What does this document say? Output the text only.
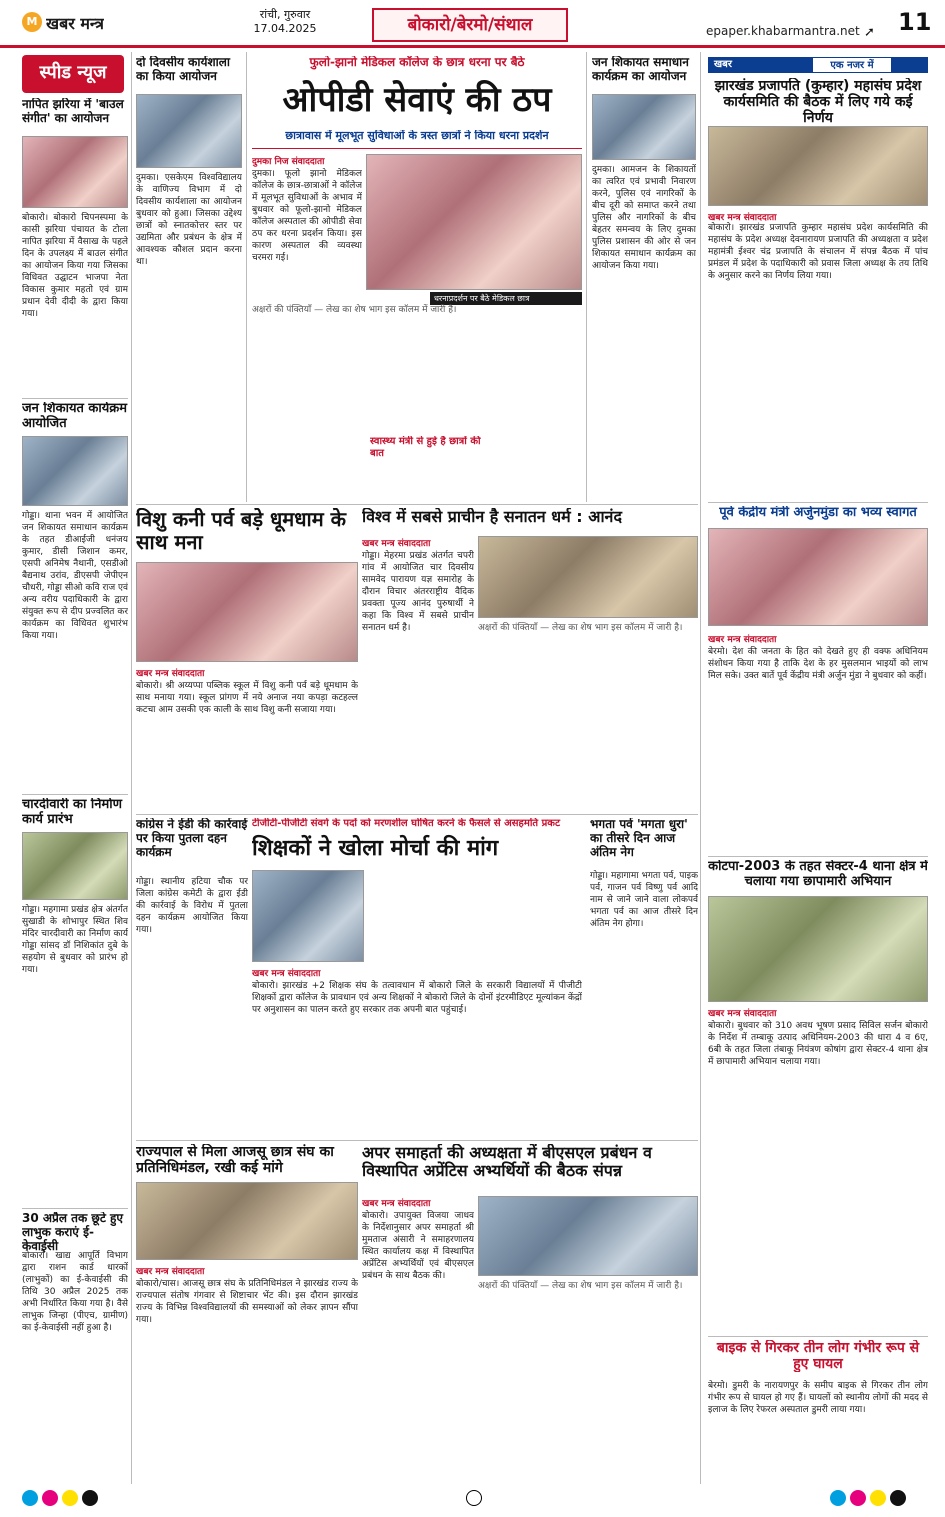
M खबर मन्त्र	रांची, गुरुवार
17.04.2025	बोकारो/बेरमो/संथाल	epaper.khabarmantra.net ➚ 11
स्पीड न्यूज
नापित झरिया में 'बाउल संगीत' का आयोजन
बोकारो। बोकारो चिपनस्पमा के कासी झरिया पंचायत के टोला नापित झरिया में वैसाख के पहले दिन के उपलक्ष्य में बाउल संगीत का आयोजन किया गया जिसका विधिवत उद्घाटन भाजपा नेता विकास कुमार महतो एवं ग्राम प्रधान देवी दीदी के द्वारा किया गया।
जन शिकायत कार्यक्रम आयोजित
गोड्डा। थाना भवन में आयोजित जन शिकायत समाधान कार्यक्रम के तहत डीआईजी धनंजय कुमार, डीसी जिशान कमर, एसपी अनिमेष नैथानी, एसडीओ बैद्यनाथ उरांव, डीएसपी जेपीएन चौधरी, गोड्डा सीओ कवि राज एवं अन्य वरीय पदाधिकारी के द्वारा संयुक्त रूप से दीप प्रज्वलित कर कार्यक्रम का विधिवत शुभारंभ किया गया।
चारदीवारी का निर्माण कार्य प्रारंभ
गोड्डा। महगामा प्रखंड क्षेत्र अंतर्गत सुखाडी के शोभापुर स्थित शिव मंदिर चारदीवारी का निर्माण कार्य गोड्डा सांसद डॉ निशिकांत दुबे के सहयोग से बुधवार को प्रारंभ हो गया।
30 अप्रैल तक छूटे हुए लाभुक कराएं ई-केवाईसी
बोकारो। खाद्य आपूर्ति विभाग द्वारा राशन कार्ड धारकों (लाभुकों) का ई-केवाईसी की तिथि 30 अप्रैल 2025 तक अभी निर्धारित किया गया है। वैसे लाभुक जिन्हा (पीएच, ग्रामीण) का ई-केवाईसी नहीं हुआ है।
दो दिवसीय कार्यशाला का किया आयोजन
दुमका। एसकेएम विश्वविद्यालय के वाणिज्य विभाग में दो दिवसीय कार्यशाला का आयोजन बुधवार को हुआ। जिसका उद्देश्य छात्रों को स्नातकोत्तर स्तर पर उद्यमिता और प्रबंधन के क्षेत्र में आवश्यक कौशल प्रदान करना था।
फुलो-झानो मेडिकल कॉलेज के छात्र धरना पर बैठे
ओपीडी सेवाएं की ठप
छात्रावास में मूलभूत सुविधाओं के त्रस्त छात्रों ने किया धरना प्रदर्शन
दुमका निज संवाददाता
दुमका। फूलो झानो मेडिकल कॉलेज के छात्र-छात्राओं ने कॉलेज में मूलभूत सुविधाओं के अभाव में बुधवार को फूलो-झानो मेडिकल कॉलेज अस्पताल की ओपीडी सेवा ठप कर धरना प्रदर्शन किया। इस कारण अस्पताल की व्यवस्था चरमरा गई।
धरनाप्रदर्शन पर बैठे मेडिकल छात्र
अक्षरों की पंक्तियाँ — लेख का शेष भाग इस कॉलम में जारी है।
स्वास्थ्य मंत्री से हुई है छात्रों की बात
जन शिकायत समाधान कार्यक्रम का आयोजन
दुमका। आमजन के शिकायतों का त्वरित एवं प्रभावी निवारण करने, पुलिस एवं नागरिकों के बीच दूरी को समाप्त करने तथा पुलिस और नागरिकों के बीच बेहतर समन्वय के लिए दुमका पुलिस प्रशासन की ओर से जन शिकायत समाधान कार्यक्रम का आयोजन किया गया।
खबर	एक नजर में
झारखंड प्रजापति (कुम्हार) महासंघ प्रदेश कार्यसमिति की बैठक में लिए गये कई निर्णय
खबर मन्त्र संवाददाता
बोकारो। झारखंड प्रजापति कुम्हार महासंघ प्रदेश कार्यसमिति की महासंघ के प्रदेश अध्यक्ष देवनारायण प्रजापति की अध्यक्षता व प्रदेश महामंत्री ईश्वर चंद्र प्रजापति के संचालन में संपन्न बैठक में पांच प्रमंडल में प्रदेश के पदाधिकारी को प्रवास जिला अध्यक्ष के तय तिथि के अनुसार करने का निर्णय लिया गया।
पूर्व केंद्रीय मंत्री अर्जुनमुंडा का भव्य स्वागत
खबर मन्त्र संवाददाता
बेरमो। देश की जनता के हित को देखते हुए ही वक्फ अधिनियम संशोधन किया गया है ताकि देश के हर मुसलमान भाइयों को लाभ मिल सके। उक्त बातें पूर्व केंद्रीय मंत्री अर्जुन मुंडा ने बुधवार को कहीं।
कोटपा-2003 के तहत सेक्टर-4 थाना क्षेत्र में चलाया गया छापामारी अभियान
खबर मन्त्र संवाददाता
बोकारो। बुधवार को 310 अवध भूषण प्रसाद सिविल सर्जन बोकारो के निर्देश में तम्बाकू उत्पाद अधिनियम-2003 की धारा 4 व 6ए, 6बी के तहत जिला तंबाकू नियंत्रण कोषांग द्वारा सेक्टर-4 थाना क्षेत्र में छापामारी अभियान चलाया गया।
बाइक से गिरकर तीन लोग गंभीर रूप से हुए घायल
बेरमो। डुमरी के नारायणपुर के समीप बाइक से गिरकर तीन लोग गंभीर रूप से घायल हो गए हैं। घायलों को स्थानीय लोगों की मदद से इलाज के लिए रेफरल अस्पताल डुमरी लाया गया।
विशु कनी पर्व बड़े धूमधाम के साथ मना
खबर मन्त्र संवाददाता
बोकारो। श्री अय्यप्पा पब्लिक स्कूल में विशु कनी पर्व बड़े धूमधाम के साथ मनाया गया। स्कूल प्रांगण में नये अनाज नया कपड़ा कटहल्ल कटचा आम उसकी एक काली के साथ विशु कनी सजाया गया।
विश्व में सबसे प्राचीन है सनातन धर्म : आनंद
खबर मन्त्र संवाददाता
गोड्डा। मेहरमा प्रखंड अंतर्गत चपरी गांव में आयोजित चार दिवसीय सामवेद पारायण यज्ञ समारोह के दौरान विचार अंतरराष्ट्रीय वैदिक प्रवक्ता पूज्य आनंद पुरुषार्थी ने कहा कि विश्व में सबसे प्राचीन सनातन धर्म है।	अक्षरों की पंक्तियाँ — लेख का शेष भाग इस कॉलम में जारी है।
कांग्रेस ने ईडी की कार्रवाई पर किया पुतला दहन कार्यक्रम
गोड्डा। स्थानीय हटिया चौक पर जिला कांग्रेस कमेटी के द्वारा ईडी की कार्रवाई के विरोध में पुतला दहन कार्यक्रम आयोजित किया गया।
टीजीटी-पीजीटी संवर्ग के पदों को मरणशील घोषित करने के फैसले से असहमति प्रकट
शिक्षकों ने खोला मोर्चा की मांग
खबर मन्त्र संवाददाता
बोकारो। झारखंड +2 शिक्षक संघ के तत्वावधान में बोकारो जिले के सरकारी विद्यालयों में पीजीटी शिक्षकों द्वारा कॉलेज के प्रावधान एवं अन्य शिक्षकों ने बोकारो जिले के दोनों इंटरमीडिएट मूल्यांकन केंद्रों पर अनुशासन का पालन करते हुए सरकार तक अपनी बात पहुंचाई।
भगता पर्व 'मगता धुरा' का तीसरे दिन आज अंतिम नेग
गोड्डा। महागामा भगता पर्व, पाइक पर्व, गाजन पर्व विष्णु पर्व आदि नाम से जाने जाने वाला लोकपर्व भगता पर्व का आज तीसरे दिन अंतिम नेग होगा।
राज्यपाल से मिला आजसू छात्र संघ का प्रतिनिधिमंडल, रखी कई मांगे
खबर मन्त्र संवाददाता
बोकारो/चास। आजसू छात्र संघ के प्रतिनिधिमंडल ने झारखंड राज्य के राज्यपाल संतोष गंगवार से शिष्टाचार भेंट की। इस दौरान झारखंड राज्य के विभिन्न विश्वविद्यालयों की समस्याओं को लेकर ज्ञापन सौंपा गया।
अपर समाहर्ता की अध्यक्षता में बीएसएल प्रबंधन व विस्थापित अप्रेंटिस अभ्यर्थियों की बैठक संपन्न
खबर मन्त्र संवाददाता
बोकारो। उपायुक्त विजया जाधव के निर्देशानुसार अपर समाहर्ता श्री मुमताज अंसारी ने समाहरणालय स्थित कार्यालय कक्ष में विस्थापित अप्रेंटिस अभ्यर्थियों एवं बीएसएल प्रबंधन के साथ बैठक की।
अक्षरों की पंक्तियाँ — लेख का शेष भाग इस कॉलम में जारी है।
